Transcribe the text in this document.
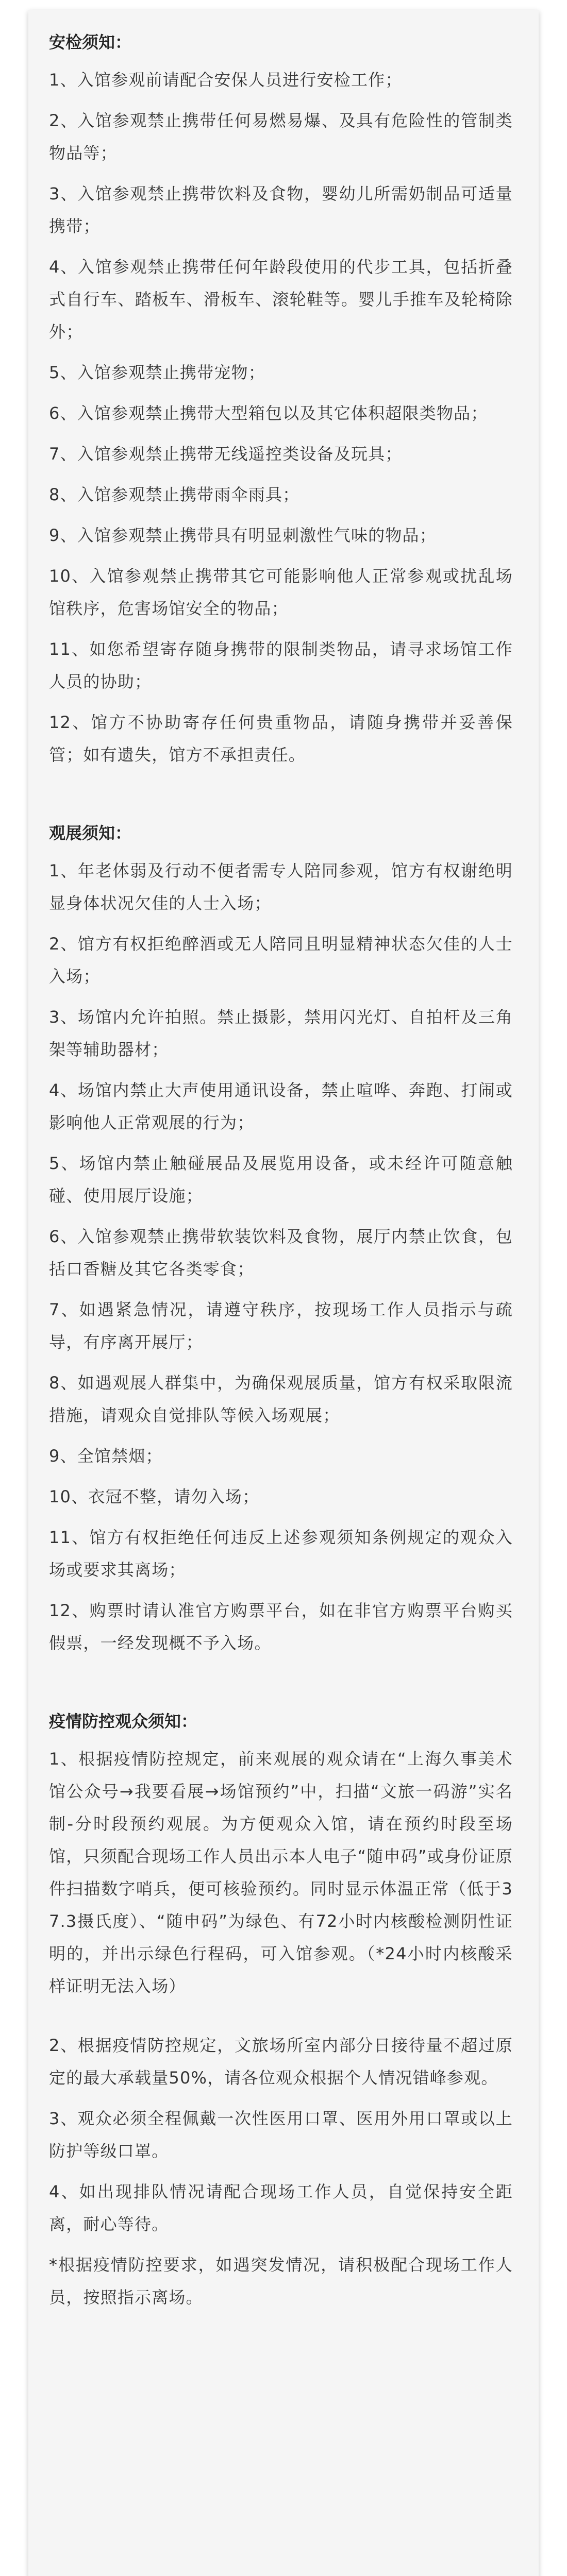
安检须知：

1、入馆参观前请配合安保人员进行安检工作；

2、入馆参观禁止携带任何易燃易爆、及具有危险性的管制类物品等；

3、入馆参观禁止携带饮料及食物，婴幼儿所需奶制品可适量携带；

4、入馆参观禁止携带任何年龄段使用的代步工具，包括折叠式自行车、踏板车、滑板车、滚轮鞋等。婴儿手推车及轮椅除外；

5、入馆参观禁止携带宠物；

6、入馆参观禁止携带大型箱包以及其它体积超限类物品；

7、入馆参观禁止携带无线遥控类设备及玩具；

8、入馆参观禁止携带雨伞雨具；

9、入馆参观禁止携带具有明显刺激性气味的物品；

10、入馆参观禁止携带其它可能影响他人正常参观或扰乱场馆秩序，危害场馆安全的物品；

11、如您希望寄存随身携带的限制类物品，请寻求场馆工作人员的协助；

12、馆方不协助寄存任何贵重物品，请随身携带并妥善保管；如有遗失，馆方不承担责任。

观展须知：

1、年老体弱及行动不便者需专人陪同参观，馆方有权谢绝明显身体状况欠佳的人士入场；

2、馆方有权拒绝醉酒或无人陪同且明显精神状态欠佳的人士入场；

3、场馆内允许拍照。禁止摄影，禁用闪光灯、自拍杆及三角架等辅助器材；

4、场馆内禁止大声使用通讯设备，禁止喧哗、奔跑、打闹或影响他人正常观展的行为；

5、场馆内禁止触碰展品及展览用设备，或未经许可随意触碰、使用展厅设施；

6、入馆参观禁止携带软装饮料及食物，展厅内禁止饮食，包括口香糖及其它各类零食；

7、如遇紧急情况，请遵守秩序，按现场工作人员指示与疏导，有序离开展厅；

8、如遇观展人群集中，为确保观展质量，馆方有权采取限流措施，请观众自觉排队等候入场观展；

9、全馆禁烟；

10、衣冠不整，请勿入场；

11、馆方有权拒绝任何违反上述参观须知条例规定的观众入场或要求其离场；

12、购票时请认准官方购票平台，如在非官方购票平台购买假票，一经发现概不予入场。

疫情防控观众须知：

1、根据疫情防控规定，前来观展的观众请在“上海久事美术馆公众号→我要看展→场馆预约”中，扫描“文旅一码游”实名制-分时段预约观展。为方便观众入馆，请在预约时段至场馆，只须配合现场工作人员出示本人电子“随申码”或身份证原件扫描数字哨兵，便可核验预约。同时显示体温正常（低于37.3摄氏度）、“随申码”为绿色、有72小时内核酸检测阴性证明的，并出示绿色行程码，可入馆参观。（*24小时内核酸采样证明无法入场）

2、根据疫情防控规定，文旅场所室内部分日接待量不超过原定的最大承载量50%，请各位观众根据个人情况错峰参观。

3、观众必须全程佩戴一次性医用口罩、医用外用口罩或以上防护等级口罩。

4、如出现排队情况请配合现场工作人员，自觉保持安全距离，耐心等待。

*根据疫情防控要求，如遇突发情况，请积极配合现场工作人员，按照指示离场。
